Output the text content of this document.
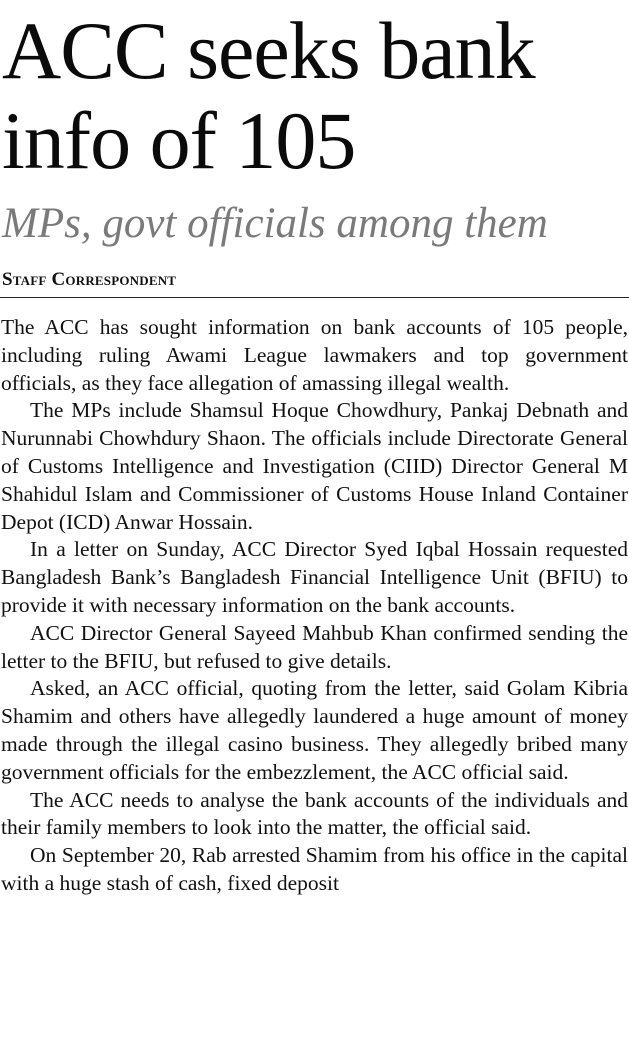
ACC seeks bank
info of 105
MPs, govt officials among them
Staff Correspondent

The ACC has sought information on bank accounts of 105 people, including ruling Awami League lawmakers and top government officials, as they face allegation of amassing illegal wealth.

The MPs include Shamsul Hoque Chowdhury, Pankaj Debnath and Nurunnabi Chowhdury Shaon. The officials include Directorate General of Customs Intelligence and Investigation (CIID) Director General M Shahidul Islam and Commissioner of Customs House Inland Container Depot (ICD) Anwar Hossain.

In a letter on Sunday, ACC Director Syed Iqbal Hossain requested Bangladesh Bank’s Bangladesh Financial Intelligence Unit (BFIU) to provide it with necessary information on the bank accounts.

ACC Director General Sayeed Mahbub Khan confirmed sending the letter to the BFIU, but refused to give details.

Asked, an ACC official, quoting from the letter, said Golam Kibria Shamim and others have allegedly laundered a huge amount of money made through the illegal casino business. They allegedly bribed many government officials for the embezzlement, the ACC official said.

The ACC needs to analyse the bank accounts of the individuals and their family members to look into the matter, the official said.

On September 20, Rab arrested Shamim from his office in the capital with a huge stash of cash, fixed deposit
